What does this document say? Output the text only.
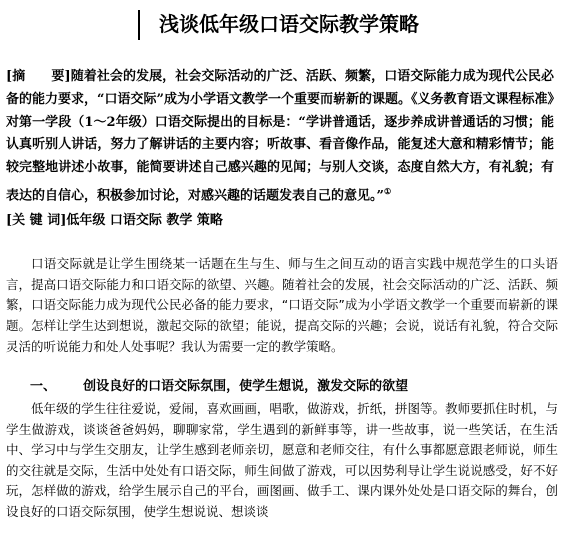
浅谈低年级口语交际教学策略
[摘　　要]随着社会的发展，社会交际活动的广泛、活跃、频繁，口语交际能力成为现代公民必备的能力要求，“口语交际”成为小学语文教学一个重要而崭新的课题。《义务教育语文课程标准》对第一学段（1～2年级）口语交际提出的目标是：“学讲普通话，逐步养成讲普通话的习惯；能认真听别人讲话，努力了解讲话的主要内容；听故事、看音像作品，能复述大意和精彩情节；能较完整地讲述小故事，能简要讲述自己感兴趣的见闻；与别人交谈，态度自然大方，有礼貌；有表达的自信心，积极参加讨论，对感兴趣的话题发表自己的意见。”①
[关 键 词]低年级 口语交际 教学 策略

口语交际就是让学生围绕某一话题在生与生、师与生之间互动的语言实践中规范学生的口头语言，提高口语交际能力和口语交际的欲望、兴趣。随着社会的发展，社会交际活动的广泛、活跃、频繁，口语交际能力成为现代公民必备的能力要求，“口语交际”成为小学语文教学一个重要而崭新的课题。怎样让学生达到想说，激起交际的欲望；能说，提高交际的兴趣；会说，说话有礼貌，符合交际灵活的听说能力和处人处事呢？我认为需要一定的教学策略。

一、 创设良好的口语交际氛围，使学生想说，激发交际的欲望

低年级的学生往往爱说，爱闹，喜欢画画，唱歌，做游戏，折纸，拼图等。教师要抓住时机，与学生做游戏，谈谈爸爸妈妈，聊聊家常，学生遇到的新鲜事等，讲一些故事，说一些笑话，在生活中、学习中与学生交朋友，让学生感到老师亲切，愿意和老师交往，有什么事都愿意跟老师说，师生的交往就是交际，生活中处处有口语交际，师生间做了游戏，可以因势利导让学生说说感受，好不好玩，怎样做的游戏，给学生展示自己的平台，画图画、做手工、课内课外处处是口语交际的舞台，创设良好的口语交际氛围，使学生想说说、想谈谈
